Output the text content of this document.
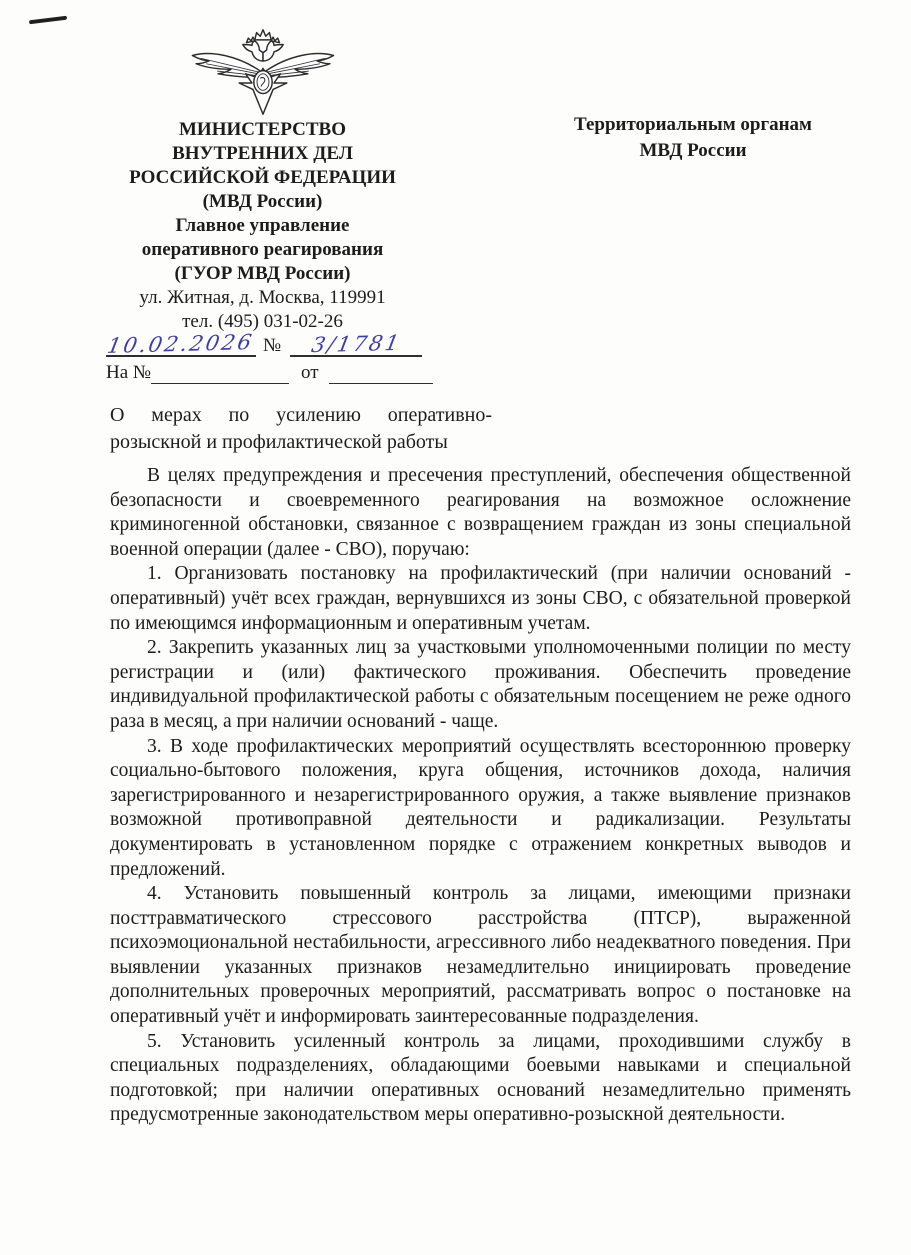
МИНИСТЕРСТВО
ВНУТРЕННИХ ДЕЛ
РОССИЙСКОЙ ФЕДЕРАЦИИ
(МВД России)
Главное управление
оперативного реагирования
(ГУОР МВД России)
ул. Житная, д. Москва, 119991
тел. (495) 031-02-26
Территориальным органам
МВД России
10.02.2026 №	3/1781
На №	от
О мерах по усилению оперативно-
розыскной и профилактической работы

В целях предупреждения и пресечения преступлений, обеспечения общественной безопасности и своевременного реагирования на возможное осложнение криминогенной обстановки, связанное с возвращением граждан из зоны специальной военной операции (далее - СВО), поручаю:

1. Организовать постановку на профилактический (при наличии оснований - оперативный) учёт всех граждан, вернувшихся из зоны СВО, с обязательной проверкой по имеющимся информационным и оперативным учетам.

2. Закрепить указанных лиц за участковыми уполномоченными полиции по месту регистрации и (или) фактического проживания. Обеспечить проведение индивидуальной профилактической работы с обязательным посещением не реже одного раза в месяц, а при наличии оснований - чаще.

3. В ходе профилактических мероприятий осуществлять всестороннюю проверку социально-бытового положения, круга общения, источников дохода, наличия зарегистрированного и незарегистрированного оружия, а также выявление признаков возможной противоправной деятельности и радикализации. Результаты документировать в установленном порядке с отражением конкретных выводов и предложений.

4. Установить повышенный контроль за лицами, имеющими признаки посттравматического стрессового расстройства (ПТСР), выраженной психоэмоциональной нестабильности, агрессивного либо неадекватного поведения. При выявлении указанных признаков незамедлительно инициировать проведение дополнительных проверочных мероприятий, рассматривать вопрос о постановке на оперативный учёт и информировать заинтересованные подразделения.

5. Установить усиленный контроль за лицами, проходившими службу в специальных подразделениях, обладающими боевыми навыками и специальной подготовкой; при наличии оперативных оснований незамедлительно применять предусмотренные законодательством меры оперативно-розыскной деятельности.
